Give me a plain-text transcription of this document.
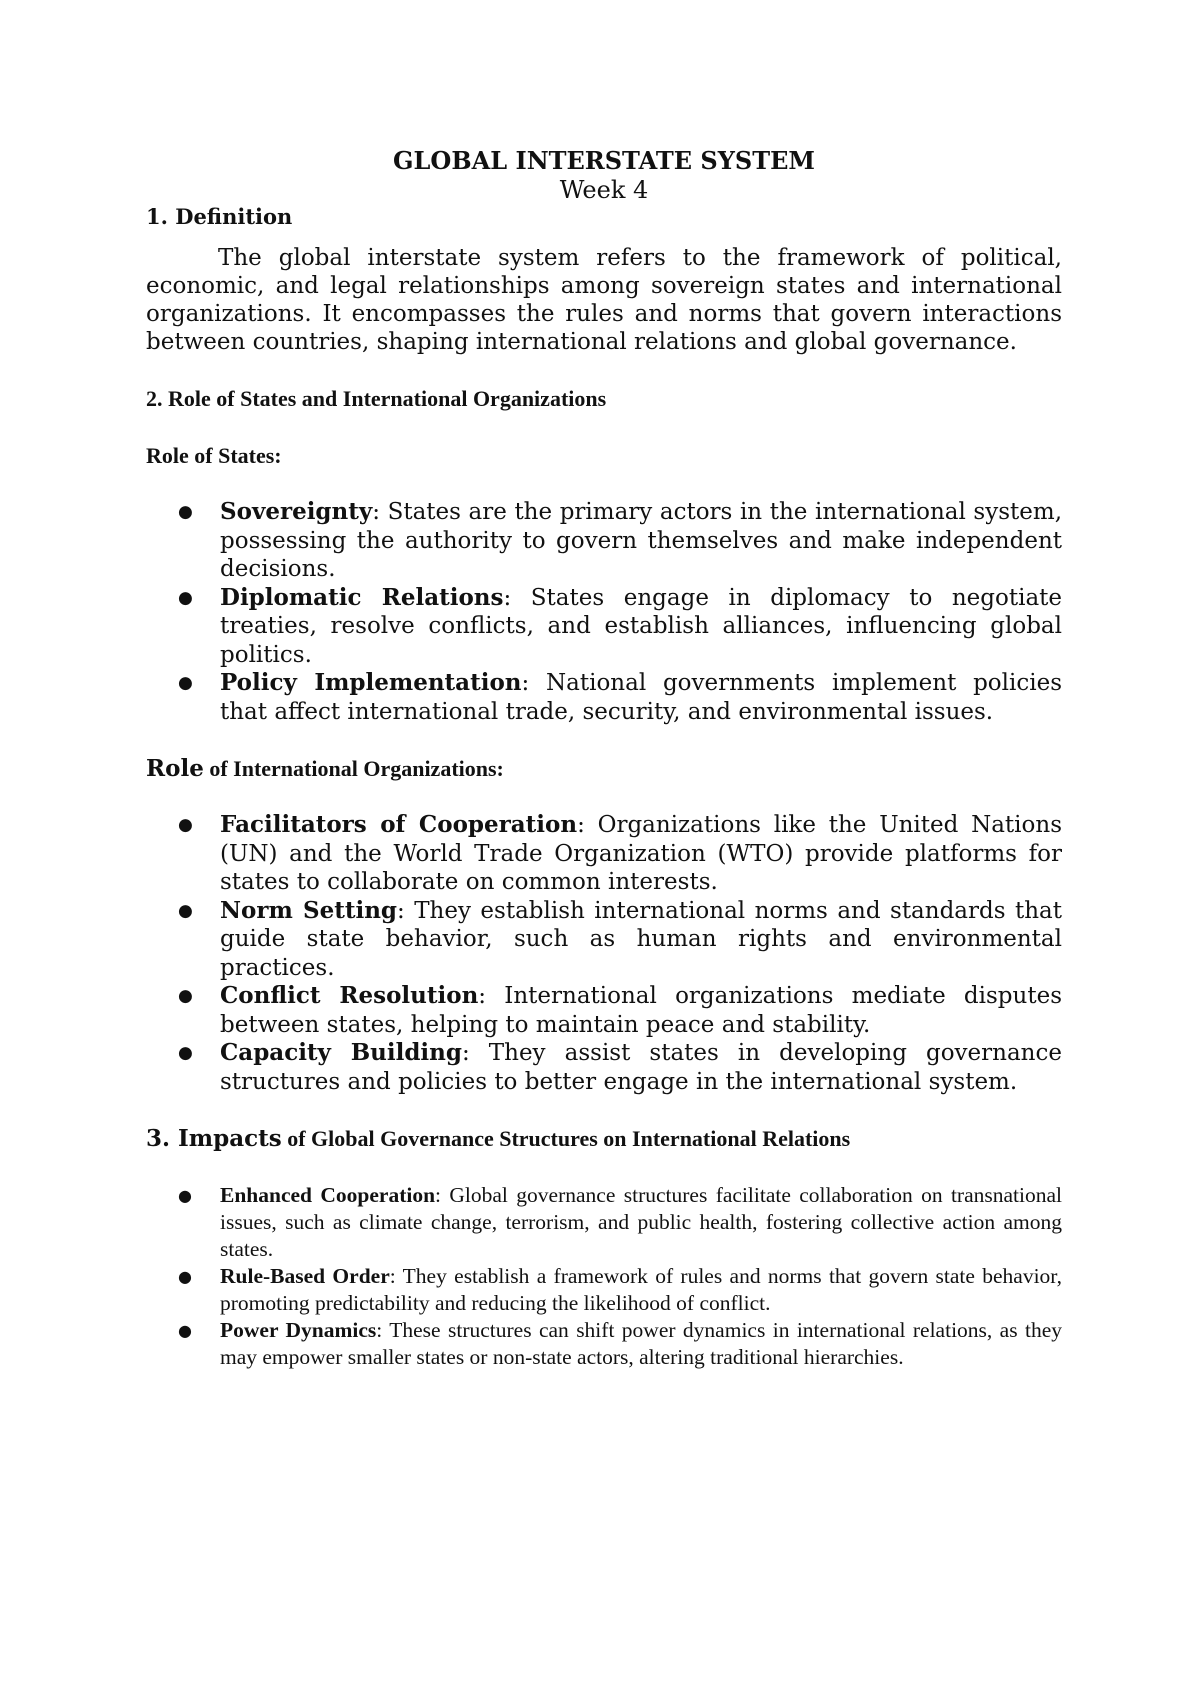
GLOBAL INTERSTATE SYSTEM
Week 4
1. Definition

The global interstate system refers to the framework of political, economic, and legal relationships among sovereign states and international organizations. It encompasses the rules and norms that govern interactions between countries, shaping international relations and global governance.

2. Role of States and International Organizations
Role of States:
● Sovereignty: States are the primary actors in the international system, possessing the authority to govern themselves and make independent decisions.
● Diplomatic Relations: States engage in diplomacy to negotiate treaties, resolve conflicts, and establish alliances, influencing global politics.
● Policy Implementation: National governments implement policies that affect international trade, security, and environmental issues.
Role of International Organizations:
● Facilitators of Cooperation: Organizations like the United Nations (UN) and the World Trade Organization (WTO) provide platforms for states to collaborate on common interests.
● Norm Setting: They establish international norms and standards that guide state behavior, such as human rights and environmental practices.
● Conflict Resolution: International organizations mediate disputes between states, helping to maintain peace and stability.
● Capacity Building: They assist states in developing governance structures and policies to better engage in the international system.
3. Impacts of Global Governance Structures on International Relations
● Enhanced Cooperation: Global governance structures facilitate collaboration on transnational issues, such as climate change, terrorism, and public health, fostering collective action among states.
● Rule-Based Order: They establish a framework of rules and norms that govern state behavior, promoting predictability and reducing the likelihood of conflict.
● Power Dynamics: These structures can shift power dynamics in international relations, as they may empower smaller states or non-state actors, altering traditional hierarchies.
